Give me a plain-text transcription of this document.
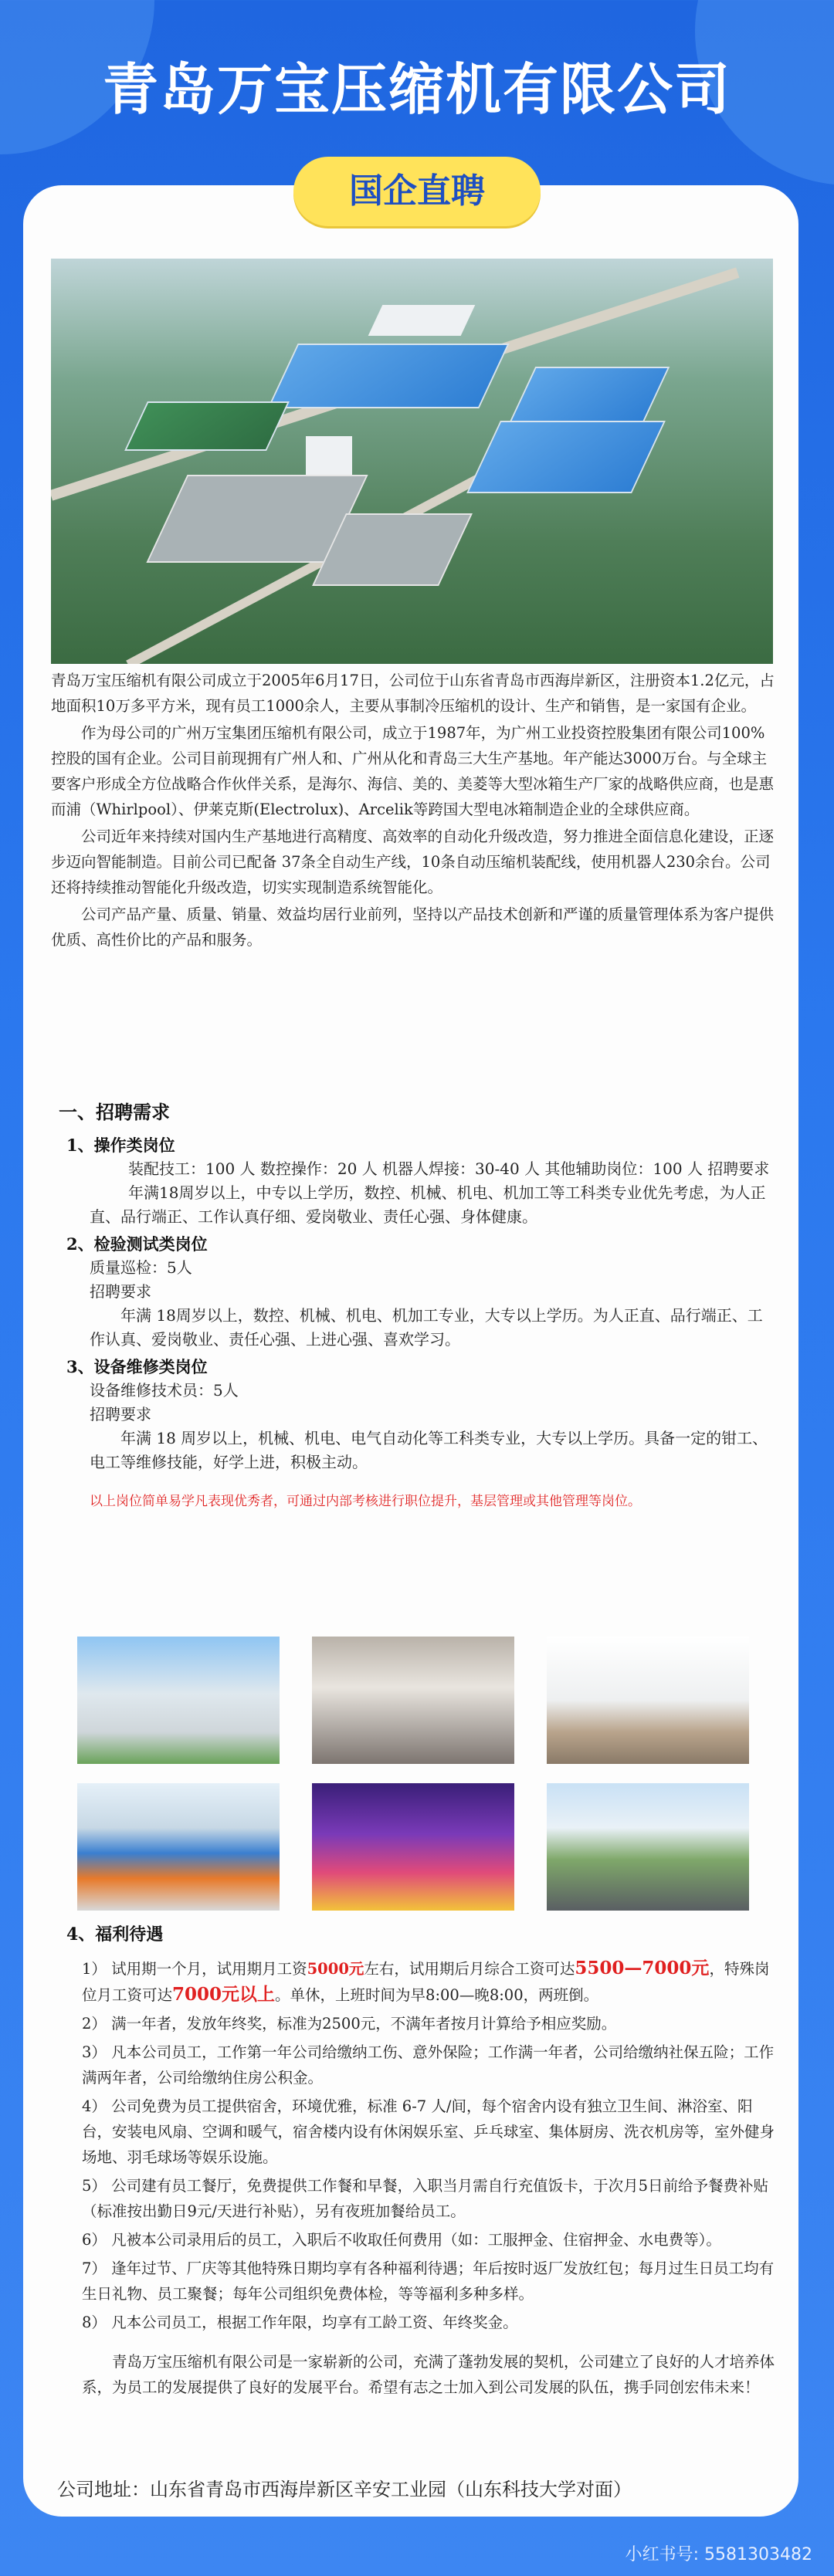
青岛万宝压缩机有限公司
国企直聘

青岛万宝压缩机有限公司成立于2005年6月17日，公司位于山东省青岛市西海岸新区，注册资本1.2亿元，占地面积10万多平方米，现有员工1000余人，主要从事制冷压缩机的设计、生产和销售，是一家国有企业。

作为母公司的广州万宝集团压缩机有限公司，成立于1987年，为广州工业投资控股集团有限公司100%控股的国有企业。公司目前现拥有广州人和、广州从化和青岛三大生产基地。年产能达3000万台。与全球主要客户形成全方位战略合作伙伴关系，是海尔、海信、美的、美菱等大型冰箱生产厂家的战略供应商，也是惠而浦（Whirlpool）、伊莱克斯(Electrolux)、Arcelik等跨国大型电冰箱制造企业的全球供应商。

公司近年来持续对国内生产基地进行高精度、高效率的自动化升级改造，努力推进全面信息化建设，正逐步迈向智能制造。目前公司已配备 37条全自动生产线，10条自动压缩机装配线，使用机器人230余台。公司还将持续推动智能化升级改造，切实实现制造系统智能化。

公司产品产量、质量、销量、效益均居行业前列，坚持以产品技术创新和严谨的质量管理体系为客户提供优质、高性价比的产品和服务。

一、招聘需求
1、操作类岗位
装配技工：100 人 数控操作：20 人 机器人焊接：30-40 人 其他辅助岗位：100 人 招聘要求
年满18周岁以上，中专以上学历，数控、机械、机电、机加工等工科类专业优先考虑，为人正直、品行端正、工作认真仔细、爱岗敬业、责任心强、身体健康。
2、检验测试类岗位
质量巡检：5人
招聘要求
年满 18周岁以上，数控、机械、机电、机加工专业，大专以上学历。为人正直、品行端正、工作认真、爱岗敬业、责任心强、上进心强、喜欢学习。
3、设备维修类岗位
设备维修技术员：5人
招聘要求
年满 18 周岁以上，机械、机电、电气自动化等工科类专业，大专以上学历。具备一定的钳工、电工等维修技能，好学上进，积极主动。
以上岗位简单易学凡表现优秀者，可通过内部考核进行职位提升，基层管理或其他管理等岗位。
4、福利待遇

1） 试用期一个月，试用期月工资5000元左右，试用期后月综合工资可达5500—7000元，特殊岗位月工资可达7000元以上。单休，上班时间为早8:00—晚8:00，两班倒。

2） 满一年者，发放年终奖，标准为2500元，不满年者按月计算给予相应奖励。

3） 凡本公司员工，工作第一年公司给缴纳工伤、意外保险；工作满一年者，公司给缴纳社保五险；工作满两年者，公司给缴纳住房公积金。

4） 公司免费为员工提供宿舍，环境优雅，标准 6-7 人/间，每个宿舍内设有独立卫生间、淋浴室、阳台，安装电风扇、空调和暖气，宿舍楼内设有休闲娱乐室、乒乓球室、集体厨房、洗衣机房等，室外健身场地、羽毛球场等娱乐设施。

5） 公司建有员工餐厅，免费提供工作餐和早餐，入职当月需自行充值饭卡，于次月5日前给予餐费补贴（标准按出勤日9元/天进行补贴），另有夜班加餐给员工。

6） 凡被本公司录用后的员工，入职后不收取任何费用（如：工服押金、住宿押金、水电费等）。

7） 逢年过节、厂庆等其他特殊日期均享有各种福利待遇；年后按时返厂发放红包；每月过生日员工均有生日礼物、员工聚餐；每年公司组织免费体检，等等福利多种多样。

8） 凡本公司员工，根据工作年限，均享有工龄工资、年终奖金。

青岛万宝压缩机有限公司是一家崭新的公司，充满了蓬勃发展的契机，公司建立了良好的人才培养体系，为员工的发展提供了良好的发展平台。希望有志之士加入到公司发展的队伍，携手同创宏伟未来！

公司地址：山东省青岛市西海岸新区辛安工业园（山东科技大学对面）
小红书号: 5581303482
